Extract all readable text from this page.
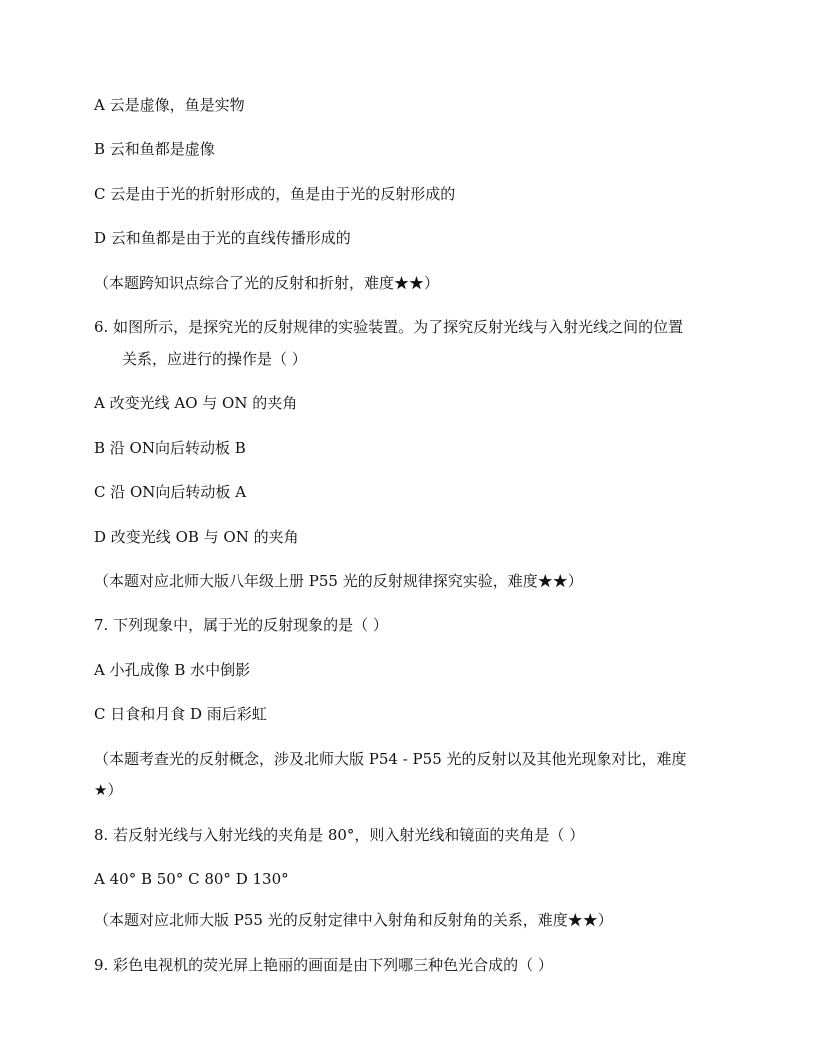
A 云是虚像，鱼是实物
B 云和鱼都是虚像
C 云是由于光的折射形成的，鱼是由于光的反射形成的
D 云和鱼都是由于光的直线传播形成的
（本题跨知识点综合了光的反射和折射，难度★★）
6. 如图所示，是探究光的反射规律的实验装置。为了探究反射光线与入射光线之间的位置
关系，应进行的操作是（ ）
A 改变光线 AO 与 ON 的夹角
B 沿 ON向后转动板 B
C 沿 ON向后转动板 A
D 改变光线 OB 与 ON 的夹角
（本题对应北师大版八年级上册 P55 光的反射规律探究实验，难度★★）
7. 下列现象中，属于光的反射现象的是（ ）
A 小孔成像 B 水中倒影
C 日食和月食 D 雨后彩虹
（本题考查光的反射概念，涉及北师大版 P54 - P55 光的反射以及其他光现象对比，难度
★）
8. 若反射光线与入射光线的夹角是 80°，则入射光线和镜面的夹角是（ ）
A 40° B 50° C 80° D 130°
（本题对应北师大版 P55 光的反射定律中入射角和反射角的关系，难度★★）
9. 彩色电视机的荧光屏上艳丽的画面是由下列哪三种色光合成的（ ）
